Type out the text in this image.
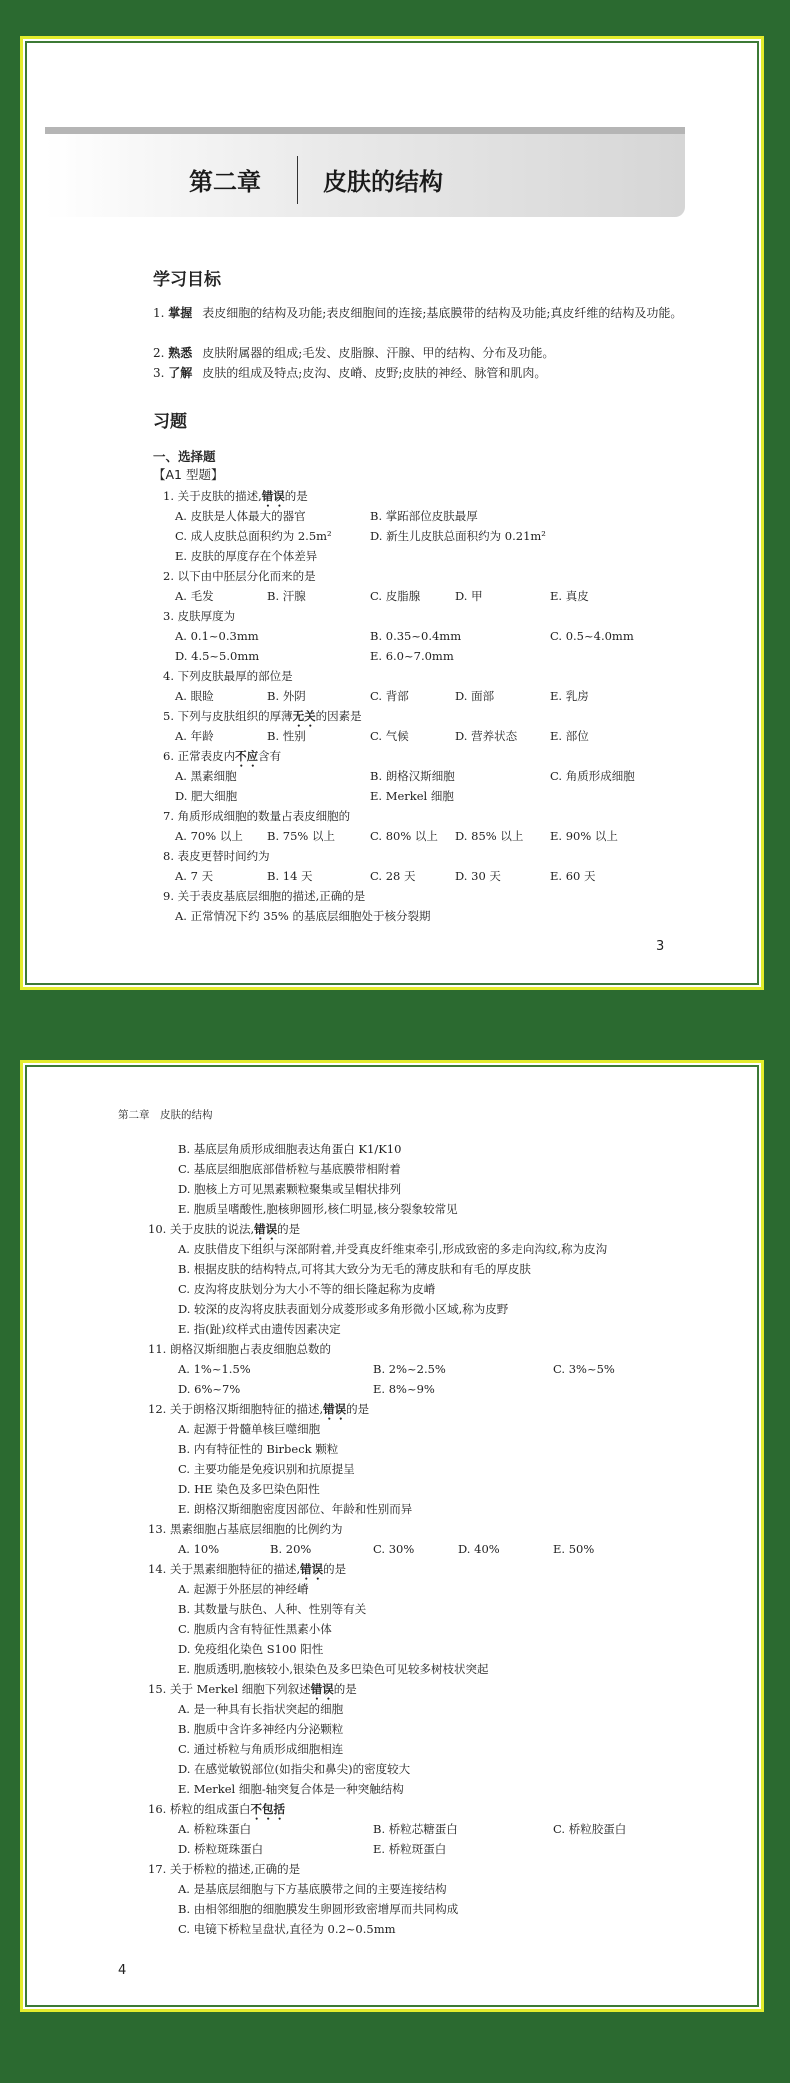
第二章	皮肤的结构
学习目标
1. 掌握 表皮细胞的结构及功能;表皮细胞间的连接;基底膜带的结构及功能;真皮纤维的结构及功能。
2. 熟悉 皮肤附属器的组成;毛发、皮脂腺、汗腺、甲的结构、分布及功能。
3. 了解 皮肤的组成及特点;皮沟、皮嵴、皮野;皮肤的神经、脉管和肌肉。
习题
一、选择题
【A1 型题】
1. 关于皮肤的描述,错误的是
A. 皮肤是人体最大的器官	B. 掌跖部位皮肤最厚
C. 成人皮肤总面积约为 2.5m²	D. 新生儿皮肤总面积约为 0.21m²
E. 皮肤的厚度存在个体差异
2. 以下由中胚层分化而来的是
A. 毛发	B. 汗腺	C. 皮脂腺	D. 甲	E. 真皮
3. 皮肤厚度为
A. 0.1~0.3mm	B. 0.35~0.4mm	C. 0.5~4.0mm
D. 4.5~5.0mm	E. 6.0~7.0mm
4. 下列皮肤最厚的部位是
A. 眼睑	B. 外阴	C. 背部	D. 面部	E. 乳房
5. 下列与皮肤组织的厚薄无关的因素是
A. 年龄	B. 性别	C. 气候	D. 营养状态	E. 部位
6. 正常表皮内不应含有
A. 黑素细胞	B. 朗格汉斯细胞	C. 角质形成细胞
D. 肥大细胞	E. Merkel 细胞
7. 角质形成细胞的数量占表皮细胞的
A. 70% 以上 B. 75% 以上	C. 80% 以上 D. 85% 以上 E. 90% 以上
8. 表皮更替时间约为
A. 7 天	B. 14 天	C. 28 天	D. 30 天	E. 60 天
9. 关于表皮基底层细胞的描述,正确的是
A. 正常情况下约 35% 的基底层细胞处于核分裂期
3
第二章　皮肤的结构
B. 基底层角质形成细胞表达角蛋白 K1/K10
C. 基底层细胞底部借桥粒与基底膜带相附着
D. 胞核上方可见黑素颗粒聚集或呈帽状排列
E. 胞质呈嗜酸性,胞核卵圆形,核仁明显,核分裂象较常见
10. 关于皮肤的说法,错误的是
A. 皮肤借皮下组织与深部附着,并受真皮纤维束牵引,形成致密的多走向沟纹,称为皮沟
B. 根据皮肤的结构特点,可将其大致分为无毛的薄皮肤和有毛的厚皮肤
C. 皮沟将皮肤划分为大小不等的细长隆起称为皮嵴
D. 较深的皮沟将皮肤表面划分成菱形或多角形微小区域,称为皮野
E. 指(趾)纹样式由遗传因素决定
11. 朗格汉斯细胞占表皮细胞总数的
A. 1%~1.5%	B. 2%~2.5%	C. 3%~5%
D. 6%~7%	E. 8%~9%
12. 关于朗格汉斯细胞特征的描述,错误的是
A. 起源于骨髓单核巨噬细胞
B. 内有特征性的 Birbeck 颗粒
C. 主要功能是免疫识别和抗原提呈
D. HE 染色及多巴染色阳性
E. 朗格汉斯细胞密度因部位、年龄和性别而异
13. 黑素细胞占基底层细胞的比例约为
A. 10%	B. 20%	C. 30%	D. 40%	E. 50%
14. 关于黑素细胞特征的描述,错误的是
A. 起源于外胚层的神经嵴
B. 其数量与肤色、人种、性别等有关
C. 胞质内含有特征性黑素小体
D. 免疫组化染色 S100 阳性
E. 胞质透明,胞核较小,银染色及多巴染色可见较多树枝状突起
15. 关于 Merkel 细胞下列叙述错误的是
A. 是一种具有长指状突起的细胞
B. 胞质中含许多神经内分泌颗粒
C. 通过桥粒与角质形成细胞相连
D. 在感觉敏锐部位(如指尖和鼻尖)的密度较大
E. Merkel 细胞-轴突复合体是一种突触结构
16. 桥粒的组成蛋白不包括
A. 桥粒珠蛋白	B. 桥粒芯糖蛋白	C. 桥粒胶蛋白
D. 桥粒斑珠蛋白	E. 桥粒斑蛋白
17. 关于桥粒的描述,正确的是
A. 是基底层细胞与下方基底膜带之间的主要连接结构
B. 由相邻细胞的细胞膜发生卵圆形致密增厚而共同构成
C. 电镜下桥粒呈盘状,直径为 0.2~0.5mm
4
